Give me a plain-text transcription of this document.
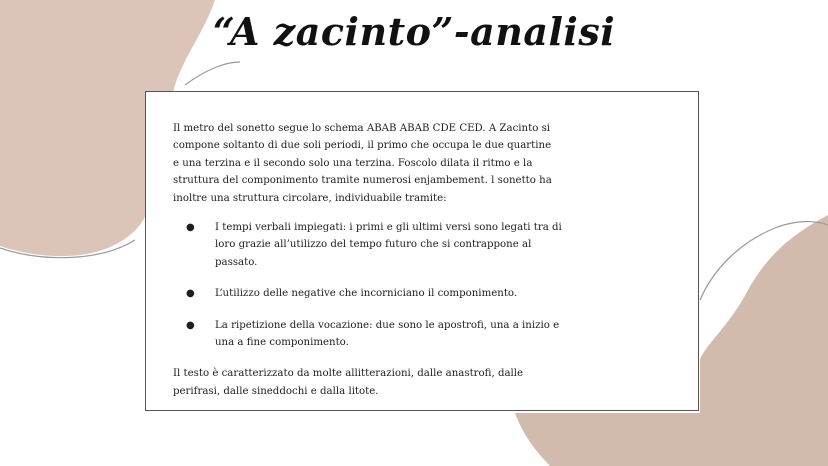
“A zacinto”-analisi

Il metro del sonetto segue lo schema ABAB ABAB CDE CED. A Zacinto si compone soltanto di due soli periodi, il primo che occupa le due quartine e una terzina e il secondo solo una terzina. Foscolo dilata il ritmo e la struttura del componimento tramite numerosi enjambement. l sonetto ha inoltre una struttura circolare, individuabile tramite:

● I tempi verbali impiegati: i primi e gli ultimi versi sono legati tra di loro grazie all’utilizzo del tempo futuro che si contrappone al passato.
● L’utilizzo delle negative che incorniciano il componimento.
● La ripetizione della vocazione: due sono le apostrofi, una a inizio e una a fine componimento.

Il testo è caratterizzato da molte allitterazioni, dalle anastrofi, dalle perifrasi, dalle sineddochi e dalla litote.
